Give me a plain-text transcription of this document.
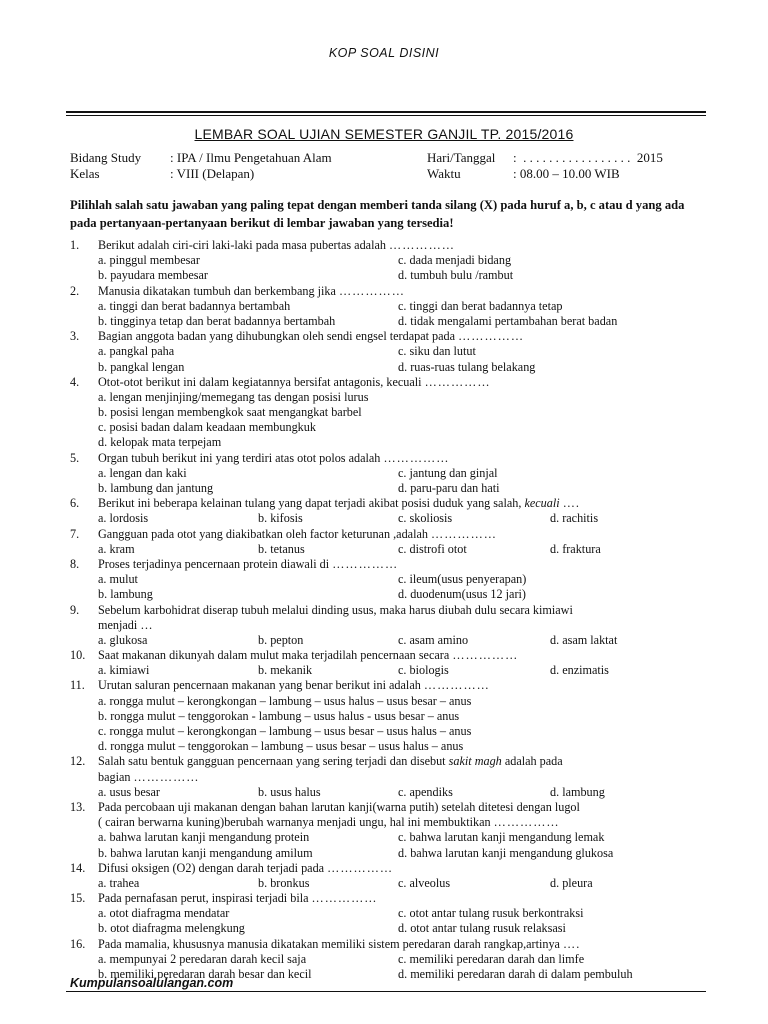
KOP SOAL DISINI
LEMBAR SOAL UJIAN SEMESTER GANJIL TP. 2015/2016
Bidang Study : IPA / Ilmu Pengetahuan Alam	Hari/Tanggal :  . . . . . . . . . . . . . . . . .  2015
Kelas	: VIII (Delapan)	Waktu	: 08.00 – 10.00 WIB
Pilihlah salah satu jawaban yang paling tepat dengan memberi tanda silang (X) pada huruf a, b, c atau d yang ada pada pertanyaan-pertanyaan berikut di lembar jawaban yang tersedia!
1. Berikut adalah ciri-ciri laki-laki pada masa pubertas adalah ……………
a. pinggul membesar	c. dada menjadi bidang
b. payudara membesar	d. tumbuh bulu /rambut
2. Manusia dikatakan tumbuh dan berkembang jika ……………
a. tinggi dan berat badannya bertambah	c. tinggi dan berat badannya tetap
b. tingginya tetap dan berat badannya bertambah	d. tidak mengalami pertambahan berat badan
3. Bagian anggota badan yang dihubungkan oleh sendi engsel terdapat pada ……………
a. pangkal paha	c. siku dan lutut
b. pangkal lengan	d. ruas-ruas tulang belakang
4. Otot-otot berikut ini dalam kegiatannya bersifat antagonis, kecuali ……………
a. lengan menjinjing/memegang tas dengan posisi lurus
b. posisi lengan membengkok saat mengangkat barbel
c. posisi badan dalam keadaan membungkuk
d. kelopak mata terpejam
5. Organ tubuh berikut ini yang terdiri atas otot polos adalah ……………
a. lengan dan kaki	c. jantung dan ginjal
b. lambung dan jantung	d. paru-paru dan hati
6. Berikut ini beberapa kelainan tulang yang dapat terjadi akibat posisi duduk yang salah, kecuali ….
a. lordosis	b. kifosis	c. skoliosis	d. rachitis
7. Gangguan pada otot yang diakibatkan oleh factor keturunan ,adalah ……………
a. kram	b. tetanus	c. distrofi otot	d. fraktura
8. Proses terjadinya pencernaan protein diawali di ……………
a. mulut	c. ileum(usus penyerapan)
b. lambung	d. duodenum(usus 12 jari)
9. Sebelum karbohidrat diserap tubuh melalui dinding usus, maka harus diubah dulu secara kimiawi
menjadi …
a. glukosa	b. pepton	c. asam amino	d. asam laktat
10. Saat makanan dikunyah dalam mulut maka terjadilah pencernaan secara ……………
a. kimiawi	b. mekanik	c. biologis	d. enzimatis
11. Urutan saluran pencernaan makanan yang benar berikut ini adalah ……………
a. rongga mulut – kerongkongan – lambung – usus halus – usus besar – anus
b. rongga mulut – tenggorokan - lambung – usus halus - usus besar – anus
c. rongga mulut – kerongkongan – lambung – usus besar – usus halus – anus
d. rongga mulut – tenggorokan – lambung – usus besar – usus halus – anus
12. Salah satu bentuk gangguan pencernaan yang sering terjadi dan disebut sakit magh adalah pada
bagian ……………
a. usus besar	b. usus halus	c. apendiks	d. lambung
13. Pada percobaan uji makanan dengan bahan larutan kanji(warna putih) setelah ditetesi dengan lugol
( cairan berwarna kuning)berubah warnanya menjadi ungu, hal ini membuktikan ……………
a. bahwa larutan kanji mengandung protein	c. bahwa larutan kanji mengandung lemak
b. bahwa larutan kanji mengandung amilum	d. bahwa larutan kanji mengandung glukosa
14. Difusi oksigen (O2) dengan darah terjadi pada ……………
a. trahea	b. bronkus	c. alveolus	d. pleura
15. Pada pernafasan perut, inspirasi terjadi bila ……………
a. otot diafragma mendatar	c. otot antar tulang rusuk berkontraksi
b. otot diafragma melengkung	d. otot antar tulang rusuk relaksasi
16. Pada mamalia, khususnya manusia dikatakan memiliki sistem peredaran darah rangkap,artinya ….
a. mempunyai 2 peredaran darah kecil saja	c. memiliki peredaran darah dan limfe
b. memiliki peredaran darah besar dan kecil	d. memiliki peredaran darah di dalam pembuluh
Kumpulansoalulangan.com
